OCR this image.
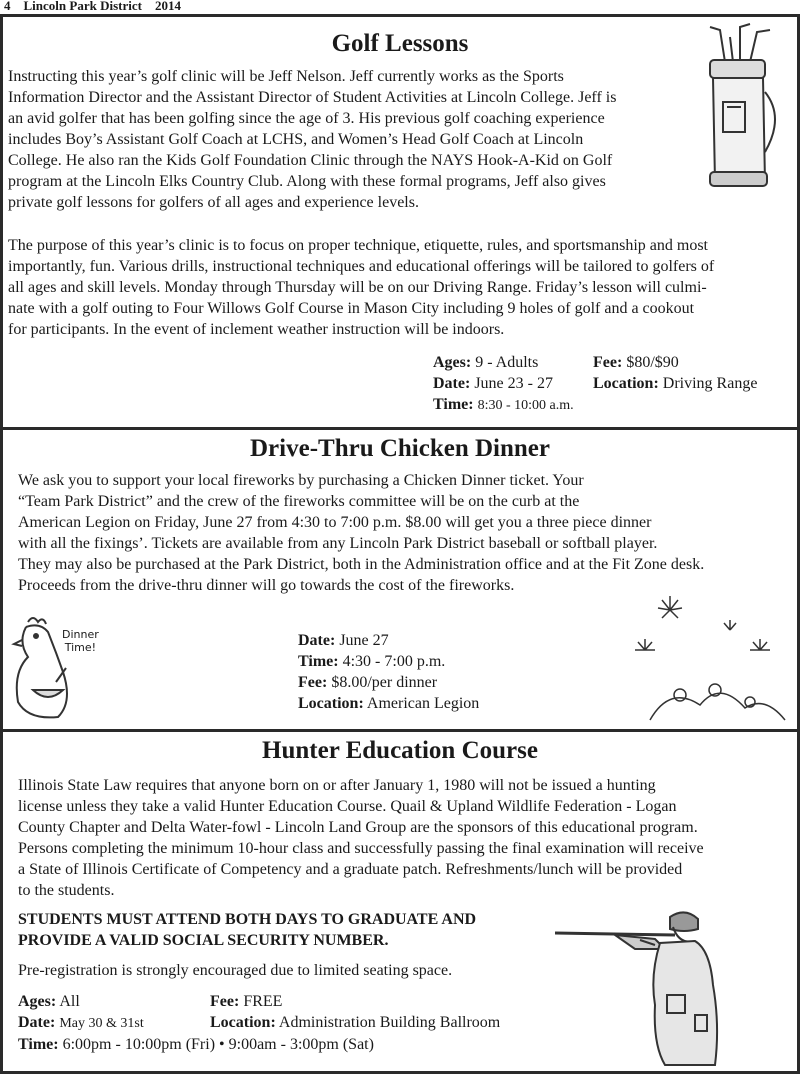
4 Lincoln Park District 2014
Golf Lessons
Instructing this year’s golf clinic will be Jeff Nelson. Jeff currently works as the Sports
Information Director and the Assistant Director of Student Activities at Lincoln College. Jeff is
an avid golfer that has been golfing since the age of 3. His previous golf coaching experience
includes Boy’s Assistant Golf Coach at LCHS, and Women’s Head Golf Coach at Lincoln
College. He also ran the Kids Golf Foundation Clinic through the NAYS Hook-A-Kid on Golf
program at the Lincoln Elks Country Club. Along with these formal programs, Jeff also gives
private golf lessons for golfers of all ages and experience levels.
The purpose of this year’s clinic is to focus on proper technique, etiquette, rules, and sportsmanship and most
importantly, fun. Various drills, instructional techniques and educational offerings will be tailored to golfers of
all ages and skill levels. Monday through Thursday will be on our Driving Range. Friday’s lesson will culmi-
nate with a golf outing to Four Willows Golf Course in Mason City including 9 holes of golf and a cookout
for participants. In the event of inclement weather instruction will be indoors.
Ages: 9 - Adults	Fee: $80/$90
Date: June 23 - 27	Location: Driving Range
Time: 8:30 - 10:00 a.m.
Drive-Thru Chicken Dinner
We ask you to support your local fireworks by purchasing a Chicken Dinner ticket. Your
“Team Park District” and the crew of the fireworks committee will be on the curb at the
American Legion on Friday, June 27 from 4:30 to 7:00 p.m. $8.00 will get you a three piece dinner
with all the fixings’. Tickets are available from any Lincoln Park District baseball or softball player.
They may also be purchased at the Park District, both in the Administration office and at the Fit Zone desk.
Proceeds from the drive-thru dinner will go towards the cost of the fireworks.
Dinner
Time!	Date: June 27
Time: 4:30 - 7:00 p.m.
Fee: $8.00/per dinner
Location: American Legion
Hunter Education Course
Illinois State Law requires that anyone born on or after January 1, 1980 will not be issued a hunting
license unless they take a valid Hunter Education Course. Quail & Upland Wildlife Federation - Logan
County Chapter and Delta Water-fowl - Lincoln Land Group are the sponsors of this educational program.
Persons completing the minimum 10-hour class and successfully passing the final examination will receive
a State of Illinois Certificate of Competency and a graduate patch. Refreshments/lunch will be provided
to the students.
STUDENTS MUST ATTEND BOTH DAYS TO GRADUATE AND
PROVIDE A VALID SOCIAL SECURITY NUMBER.
Pre-registration is strongly encouraged due to limited seating space.
Ages: All	Fee: FREE
Date: May 30 & 31st	Location: Administration Building Ballroom
Time: 6:00pm - 10:00pm (Fri) • 9:00am - 3:00pm (Sat)
